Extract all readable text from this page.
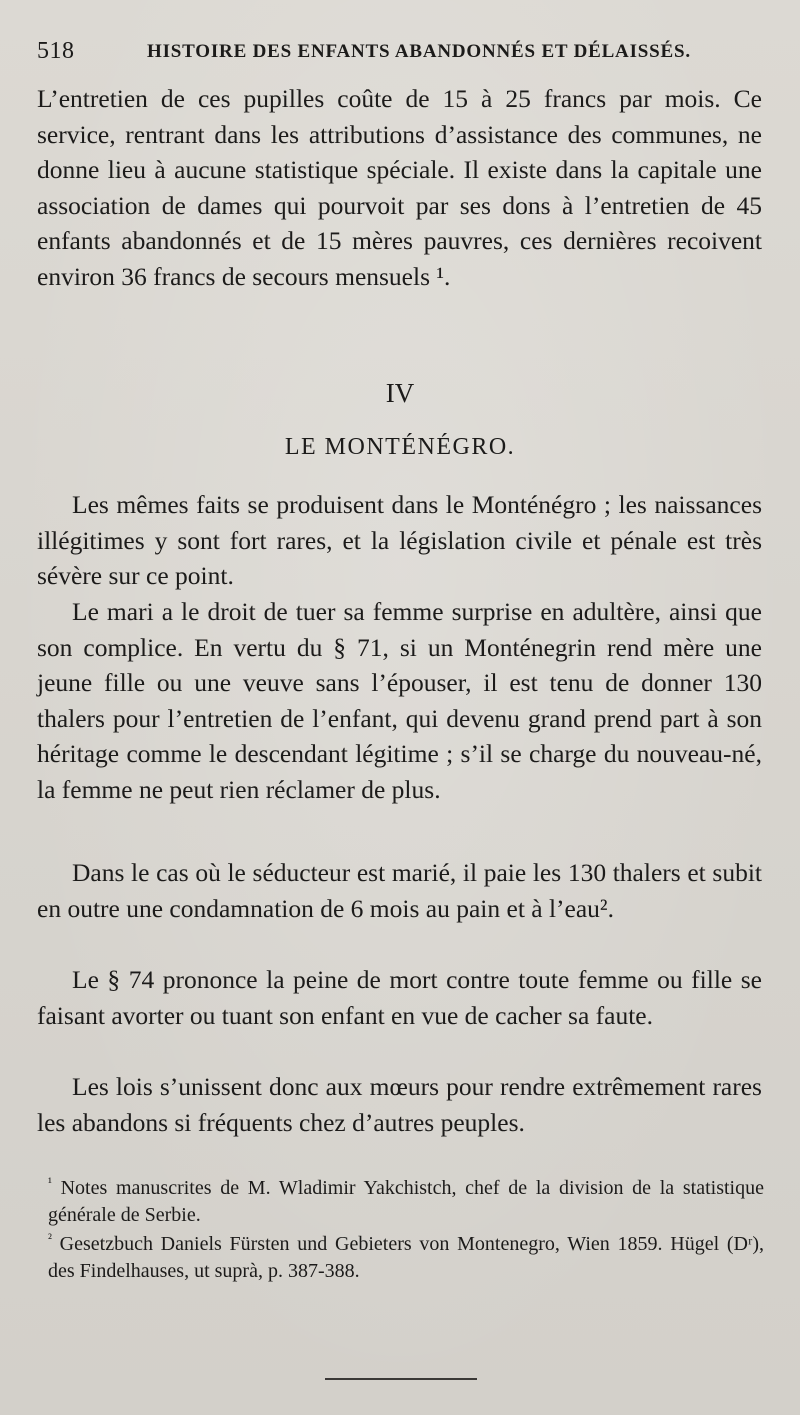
518	HISTOIRE DES ENFANTS ABANDONNÉS ET DÉLAISSÉS.

L’entretien de ces pupilles coûte de 15 à 25 francs par mois. Ce service, rentrant dans les attributions d’assistance des communes, ne donne lieu à aucune statistique spéciale. Il existe dans la capitale une association de dames qui pourvoit par ses dons à l’entretien de 45 enfants abandonnés et de 15 mères pauvres, ces dernières recoivent environ 36 francs de secours mensuels ¹.

IV
LE MONTÉNÉGRO.

Les mêmes faits se produisent dans le Monténégro ; les naissances illégitimes y sont fort rares, et la législation civile et pénale est très sévère sur ce point.

Le mari a le droit de tuer sa femme surprise en adultère, ainsi que son complice. En vertu du § 71, si un Monténegrin rend mère une jeune fille ou une veuve sans l’épouser, il est tenu de donner 130 thalers pour l’entretien de l’enfant, qui devenu grand prend part à son héritage comme le descendant légitime ; s’il se charge du nouveau-né, la femme ne peut rien réclamer de plus.

Dans le cas où le séducteur est marié, il paie les 130 thalers et subit en outre une condamnation de 6 mois au pain et à l’eau².

Le § 74 prononce la peine de mort contre toute femme ou fille se faisant avorter ou tuant son enfant en vue de cacher sa faute.

Les lois s’unissent donc aux mœurs pour rendre extrêmement rares les abandons si fréquents chez d’autres peuples.

$^{^1}$ Notes manuscrites de M. Wladimir Yakchistch, chef de la division de la statistique générale de Serbie.

$^{^2}$ Gesetzbuch Daniels Fürsten und Gebieters von Montenegro, Wien 1859. Hügel (Dʳ), des Findelhauses, ut suprà, p. 387-388.
